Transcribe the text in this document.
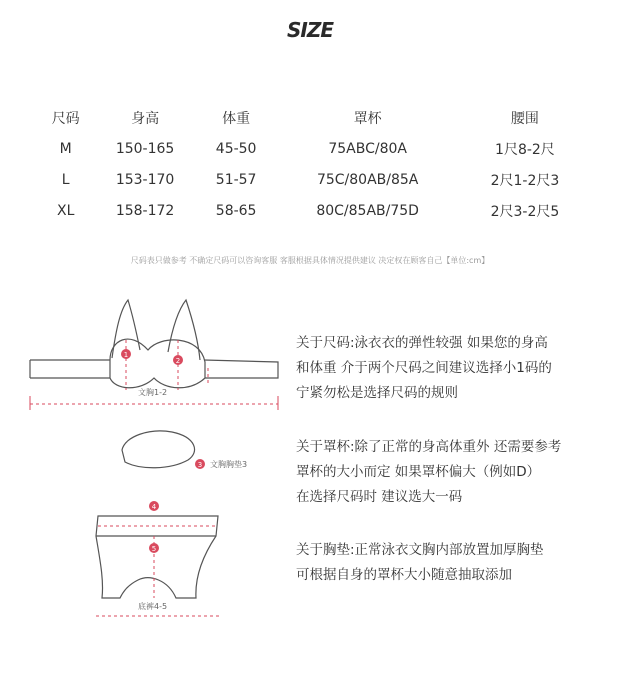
SIZE
尺码	身高	体重	罩杯	腰围
M	150-165	45-50	75ABC/80A	1尺8-2尺
L	153-170	51-57	75C/80AB/85A	2尺1-2尺3
XL	158-172	58-65	80C/85AB/75D	2尺3-2尺5
尺码表只做参考 不确定尺码可以咨询客服 客服根据具体情况提供建议 决定权在顾客自己【单位:cm】
1
2
3
4
5
文胸1-2
文胸胸垫3
底裤4-5
关于尺码:泳衣衣的弹性较强 如果您的身高
和体重 介于两个尺码之间建议选择小1码的
宁紧勿松是选择尺码的规则
关于罩杯:除了正常的身高体重外 还需要参考
罩杯的大小而定 如果罩杯偏大（例如D）
在选择尺码时 建议选大一码
关于胸垫:正常泳衣文胸内部放置加厚胸垫
可根据自身的罩杯大小随意抽取添加
